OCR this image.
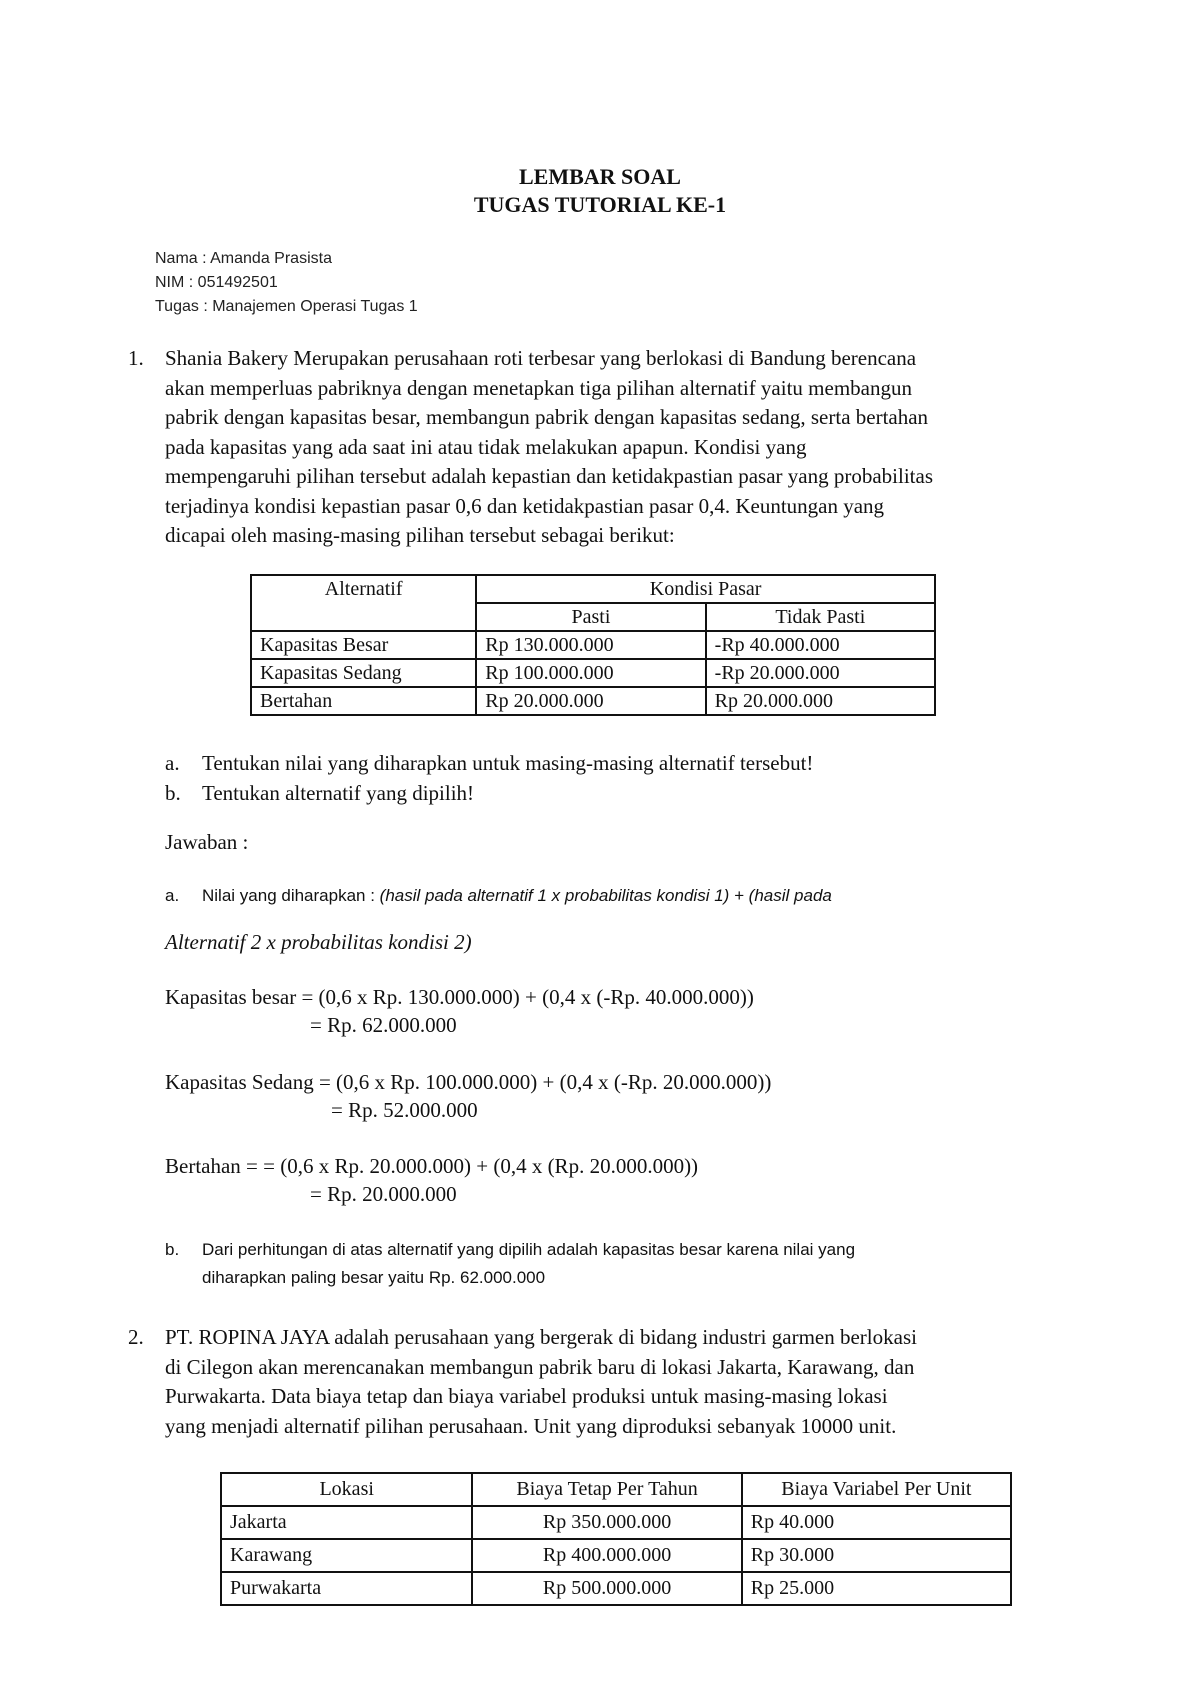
LEMBAR SOAL
TUGAS TUTORIAL KE-1
Nama : Amanda Prasista
NIM : 051492501
Tugas : Manajemen Operasi Tugas 1
1. Shania Bakery Merupakan perusahaan roti terbesar yang berlokasi di Bandung berencana
akan memperluas pabriknya dengan menetapkan tiga pilihan alternatif yaitu membangun
pabrik dengan kapasitas besar, membangun pabrik dengan kapasitas sedang, serta bertahan
pada kapasitas yang ada saat ini atau tidak melakukan apapun. Kondisi yang
mempengaruhi pilihan tersebut adalah kepastian dan ketidakpastian pasar yang probabilitas
terjadinya kondisi kepastian pasar 0,6 dan ketidakpastian pasar 0,4. Keuntungan yang
dicapai oleh masing-masing pilihan tersebut sebagai berikut:
Alternatif	Kondisi Pasar	
	Pasti	Tidak Pasti
Kapasitas Besar	Rp 130.000.000	-Rp 40.000.000
Kapasitas Sedang	Rp 100.000.000	-Rp 20.000.000
Bertahan	Rp 20.000.000	Rp 20.000.000
a. Tentukan nilai yang diharapkan untuk masing-masing alternatif tersebut!
b. Tentukan alternatif yang dipilih!
Jawaban :
a. Nilai yang diharapkan : (hasil pada alternatif 1 x probabilitas kondisi 1) + (hasil pada
Alternatif 2 x probabilitas kondisi 2)
Kapasitas besar = (0,6 x Rp. 130.000.000) + (0,4 x (-Rp. 40.000.000))
= Rp. 62.000.000
Kapasitas Sedang = (0,6 x Rp. 100.000.000) + (0,4 x (-Rp. 20.000.000))
= Rp. 52.000.000
Bertahan = = (0,6 x Rp. 20.000.000) + (0,4 x (Rp. 20.000.000))
= Rp. 20.000.000
b. Dari perhitungan di atas alternatif yang dipilih adalah kapasitas besar karena nilai yang
diharapkan paling besar yaitu Rp. 62.000.000
2. PT. ROPINA JAYA adalah perusahaan yang bergerak di bidang industri garmen berlokasi
di Cilegon akan merencanakan membangun pabrik baru di lokasi Jakarta, Karawang, dan
Purwakarta. Data biaya tetap dan biaya variabel produksi untuk masing-masing lokasi
yang menjadi alternatif pilihan perusahaan. Unit yang diproduksi sebanyak 10000 unit.
Lokasi	Biaya Tetap Per Tahun	Biaya Variabel Per Unit
Jakarta	Rp 350.000.000	Rp 40.000
Karawang	Rp 400.000.000	Rp 30.000
Purwakarta	Rp 500.000.000	Rp 25.000
